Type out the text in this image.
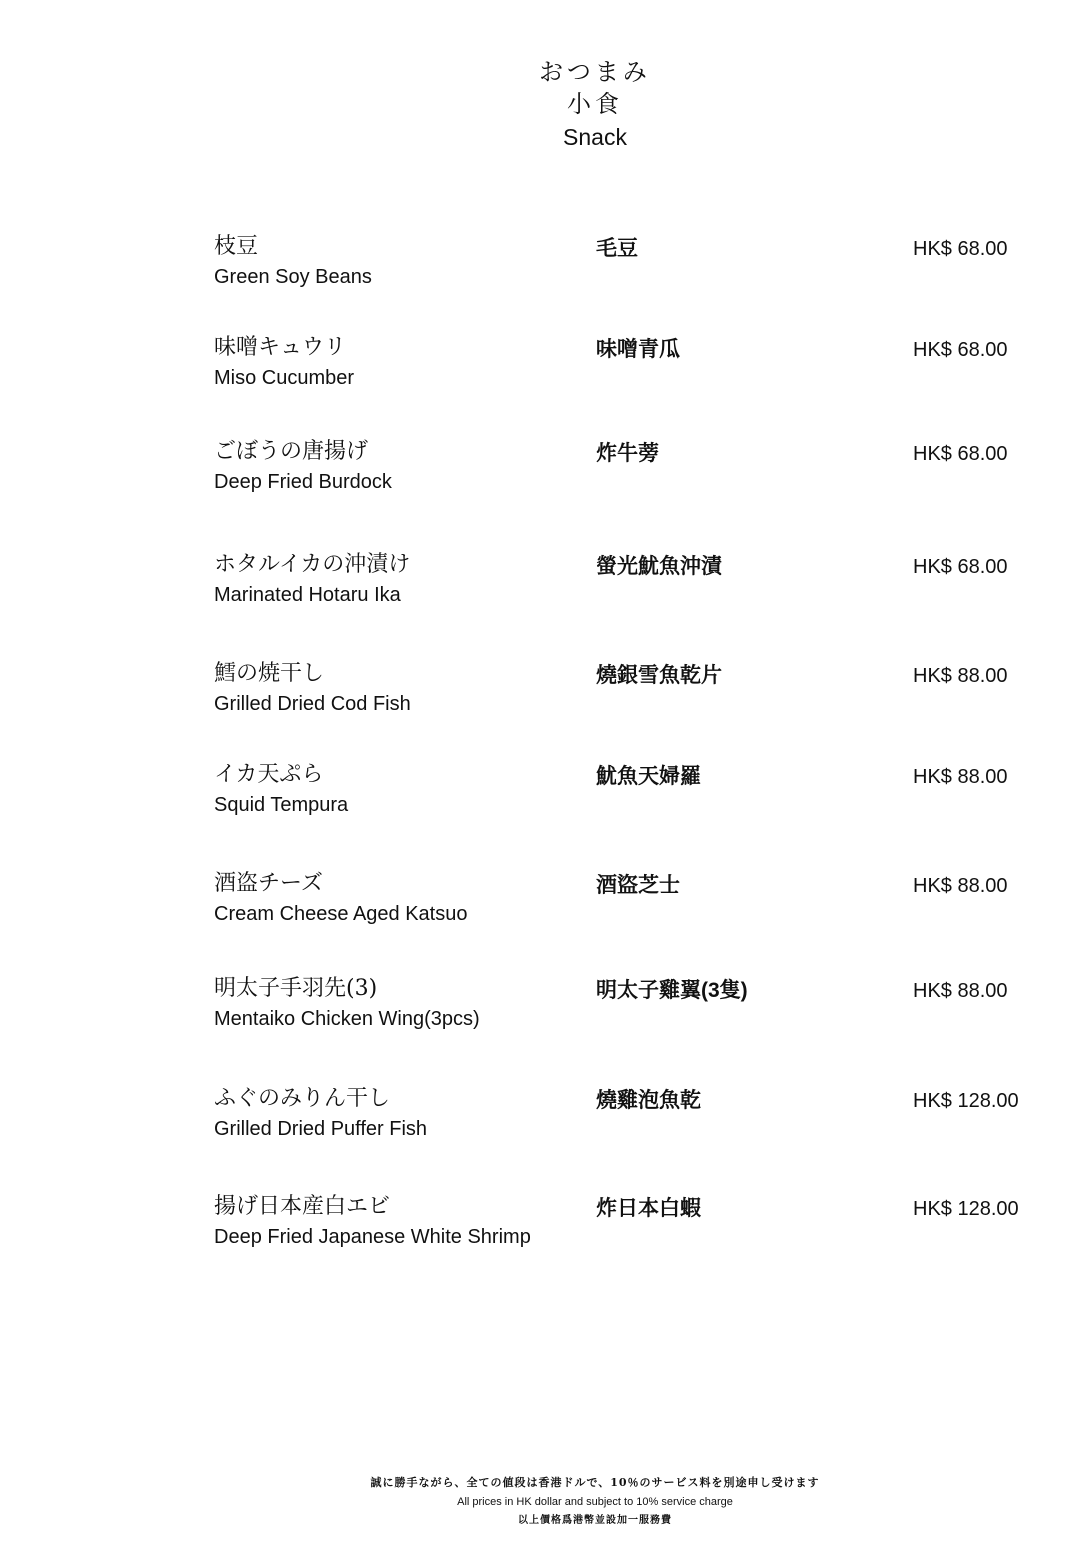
おつまみ
小食
Snack
枝豆
Green Soy Beans
毛豆	HK$ 68.00
味噌キュウリ
Miso Cucumber
味噌青瓜	HK$ 68.00
ごぼうの唐揚げ
Deep Fried Burdock
炸牛蒡	HK$ 68.00
ホタルイカの沖漬け
Marinated Hotaru Ika
螢光魷魚沖漬	HK$ 68.00
鱈の焼干し
Grilled Dried Cod Fish
燒銀雪魚乾片	HK$ 88.00
イカ天ぷら
Squid Tempura
魷魚天婦羅	HK$ 88.00
酒盗チーズ
Cream Cheese Aged Katsuo
酒盜芝士	HK$ 88.00
明太子手羽先(3)
Mentaiko Chicken Wing(3pcs)
明太子雞翼(3隻)	HK$ 88.00
ふぐのみりん干し
Grilled Dried Puffer Fish
燒雞泡魚乾	HK$ 128.00
揚げ日本産白エビ
Deep Fried Japanese White Shrimp
炸日本白蝦	HK$ 128.00
誠に勝手ながら、全ての値段は香港ドルで、10％のサービス料を別途申し受けます
All prices in HK dollar and subject to 10% service charge
以上價格爲港幣並設加一服務費
